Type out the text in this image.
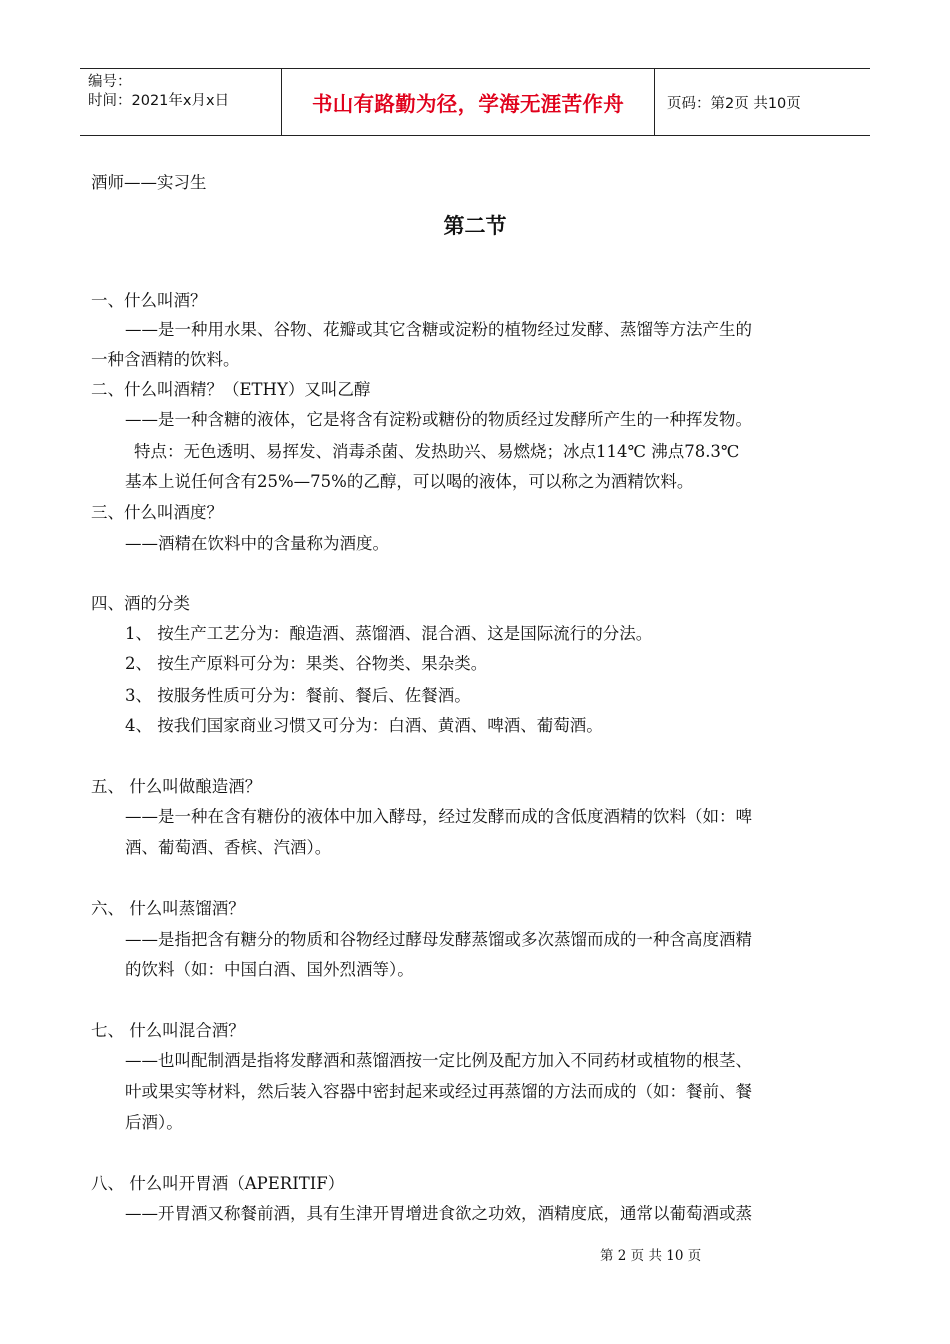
编号：
时间：2021年x月x日	书山有路勤为径，学海无涯苦作舟	页码：第2页 共10页
酒师——实习生
第二节
一、什么叫酒？
——是一种用水果、谷物、花瓣或其它含糖或淀粉的植物经过发酵、蒸馏等方法产生的
一种含酒精的饮料。
二、什么叫酒精？（ETHY）又叫乙醇
——是一种含糖的液体，它是将含有淀粉或糖份的物质经过发酵所产生的一种挥发物。
特点：无色透明、易挥发、消毒杀菌、发热助兴、易燃烧；冰点114℃ 沸点78.3℃
基本上说任何含有25%—75%的乙醇，可以喝的液体，可以称之为酒精饮料。
三、什么叫酒度？
——酒精在饮料中的含量称为酒度。
四、酒的分类
1、 按生产工艺分为：酿造酒、蒸馏酒、混合酒、这是国际流行的分法。
2、 按生产原料可分为：果类、谷物类、果杂类。
3、 按服务性质可分为：餐前、餐后、佐餐酒。
4、 按我们国家商业习惯又可分为：白酒、黄酒、啤酒、葡萄酒。
五、 什么叫做酿造酒？
——是一种在含有糖份的液体中加入酵母，经过发酵而成的含低度酒精的饮料（如：啤
酒、葡萄酒、香槟、汽酒）。
六、 什么叫蒸馏酒？
——是指把含有糖分的物质和谷物经过酵母发酵蒸馏或多次蒸馏而成的一种含高度酒精
的饮料（如：中国白酒、国外烈酒等）。
七、 什么叫混合酒？
——也叫配制酒是指将发酵酒和蒸馏酒按一定比例及配方加入不同药材或植物的根茎、
叶或果实等材料，然后装入容器中密封起来或经过再蒸馏的方法而成的（如：餐前、餐
后酒）。
八、 什么叫开胃酒（APERITIF）
——开胃酒又称餐前酒，具有生津开胃增进食欲之功效，酒精度底，通常以葡萄酒或蒸
第 2 页 共 10 页
